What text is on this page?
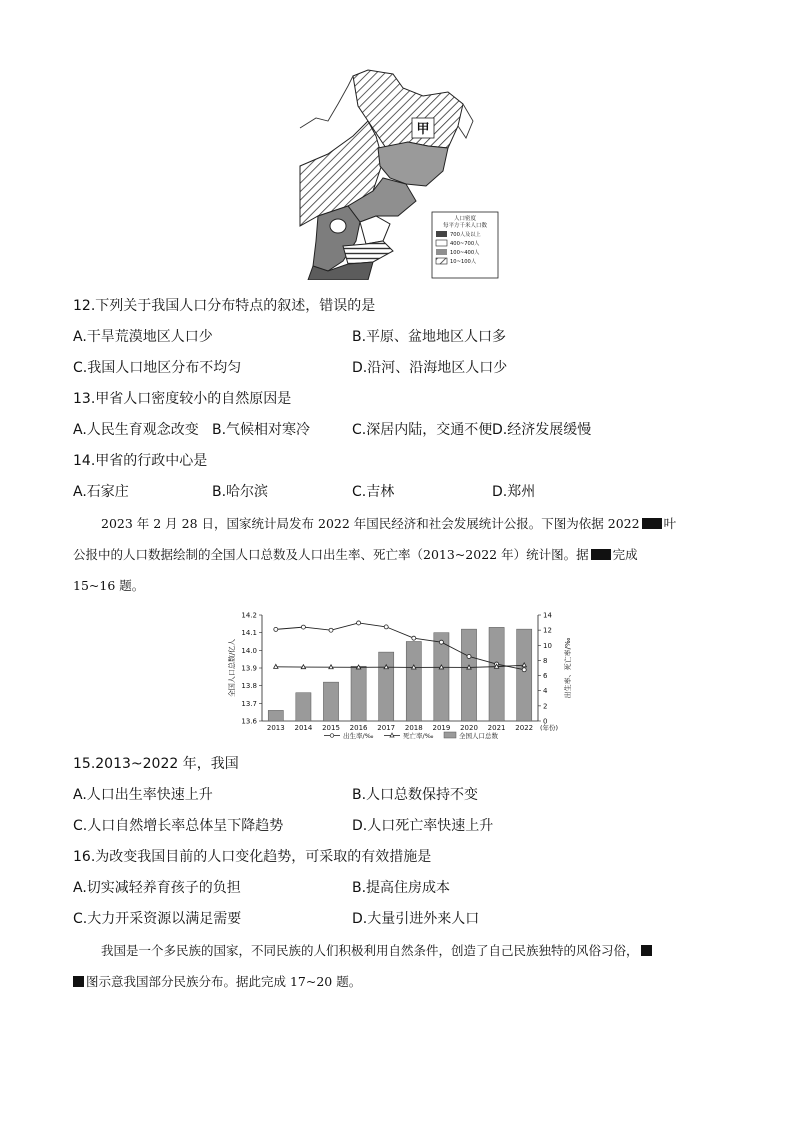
甲
人口密度
每平方千米人口数
700人及以上
400~700人
100~400人
10~100人
12.下列关于我国人口分布特点的叙述，错误的是
A.干旱荒漠地区人口少	B.平原、盆地地区人口多
C.我国人口地区分布不均匀	D.沿河、沿海地区人口少
13.甲省人口密度较小的自然原因是
A.人民生育观念改变 B.气候相对寒冷	C.深居内陆，交通不便 D.经济发展缓慢
14.甲省的行政中心是
A.石家庄	B.哈尔滨	C.吉林	D.郑州
2023 年 2 月 28 日，国家统计局发布 2022 年国民经济和社会发展统计公报。下图为依据 2022 叶
公报中的人口数据绘制的全国人口总数及人口出生率、死亡率（2013~2022 年）统计图。据 完成
15~16 题。
13.6
13.7
13.8
13.9
14.0
14.1
14.2
0
2
4
6
8
10
12
14
全国人口总数/亿人	出生率、死亡率/‰
2013 2014 2015 2016 2017 2018 2019 2020 2021 2022 (年份)
出生率/‰	死亡率/‰	全国人口总数
15.2013~2022 年，我国
A.人口出生率快速上升	B.人口总数保持不变
C.人口自然增长率总体呈下降趋势	D.人口死亡率快速上升
16.为改变我国目前的人口变化趋势，可采取的有效措施是
A.切实减轻养育孩子的负担	B.提高住房成本
C.大力开采资源以满足需要	D.大量引进外来人口
我国是一个多民族的国家，不同民族的人们积极利用自然条件，创造了自己民族独特的风俗习俗，
图示意我国部分民族分布。据此完成 17~20 题。
